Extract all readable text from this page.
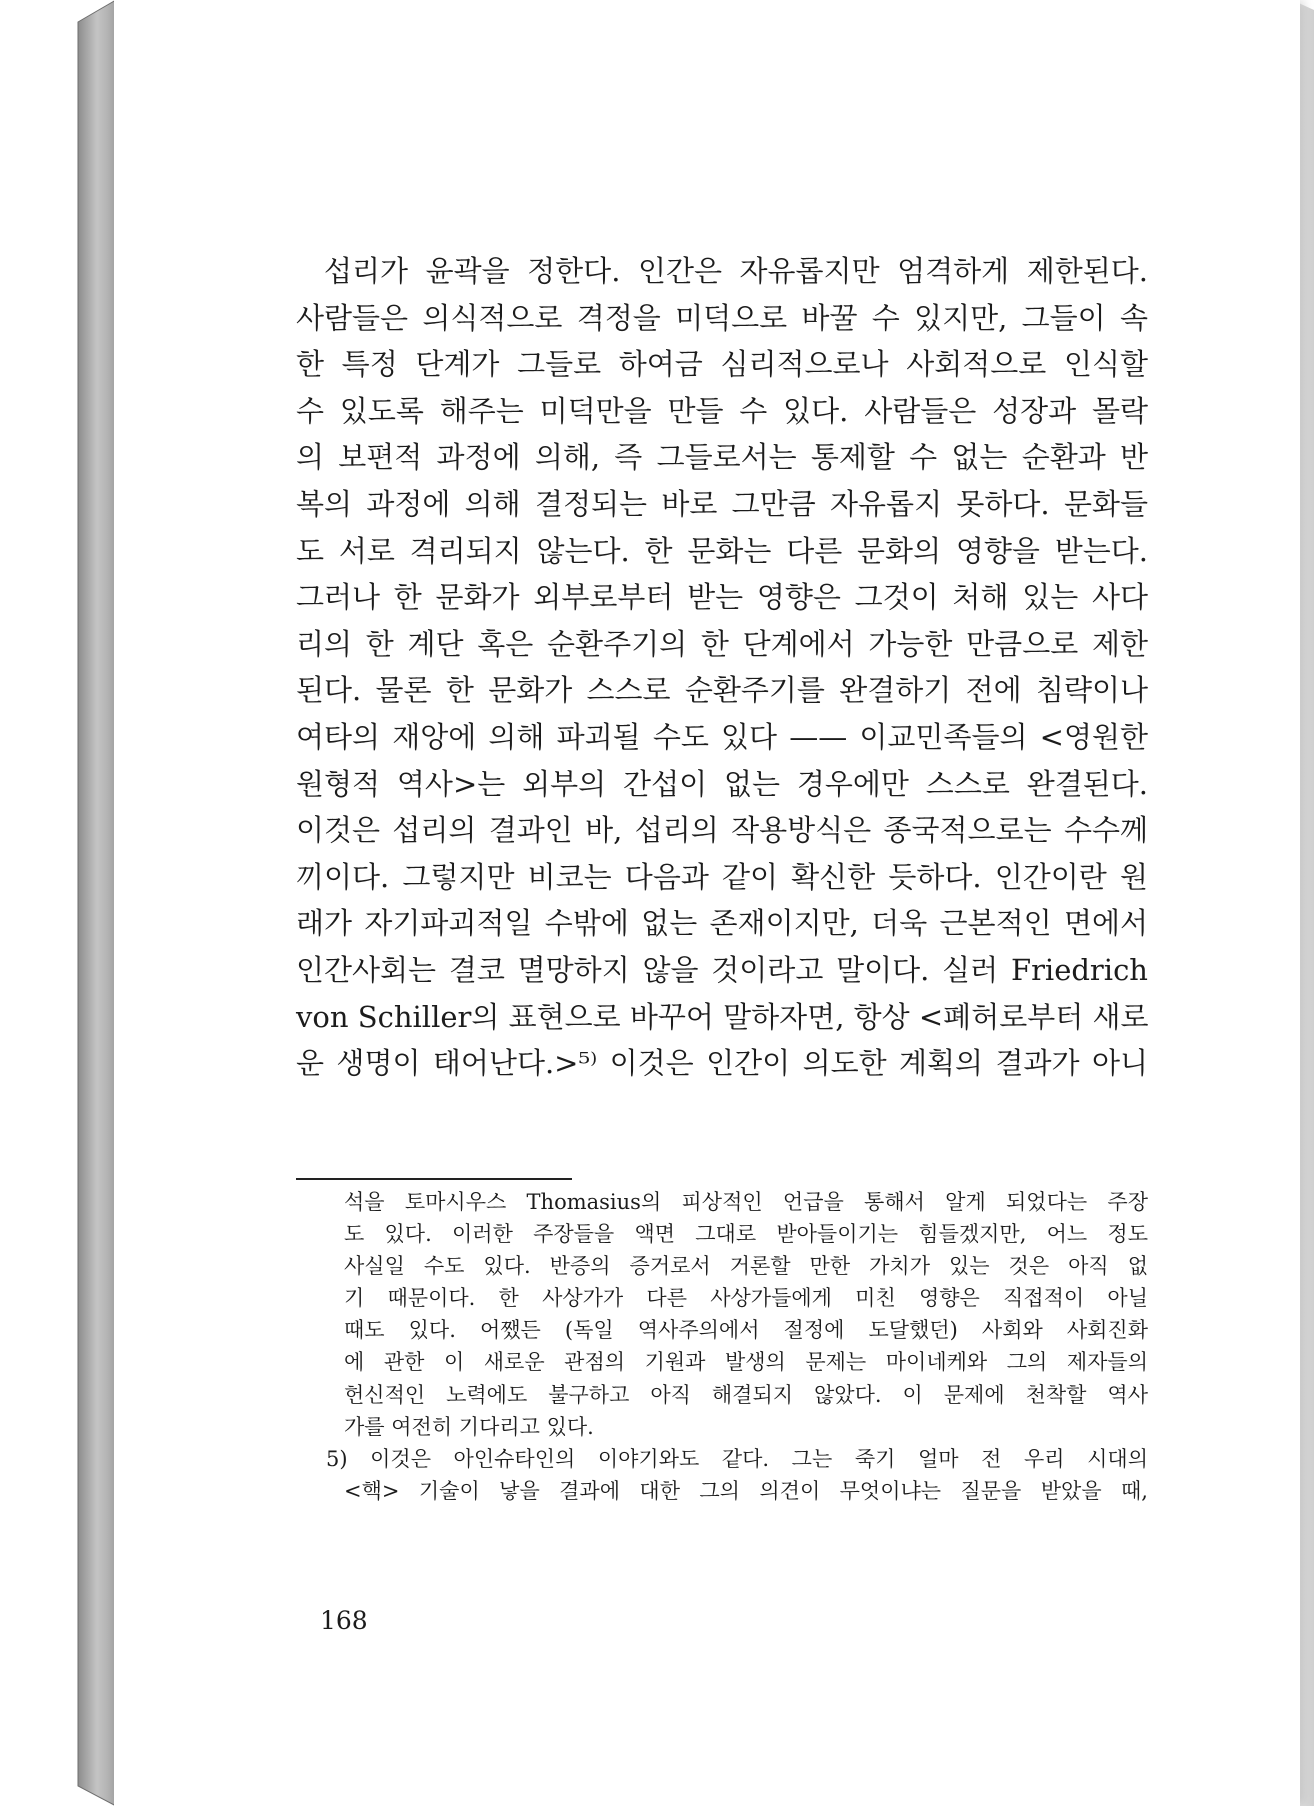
섭리가 윤곽을 정한다. 인간은 자유롭지만 엄격하게 제한된다.
사람들은 의식적으로 격정을 미덕으로 바꿀 수 있지만, 그들이 속
한 특정 단계가 그들로 하여금 심리적으로나 사회적으로 인식할
수 있도록 해주는 미덕만을 만들 수 있다. 사람들은 성장과 몰락
의 보편적 과정에 의해, 즉 그들로서는 통제할 수 없는 순환과 반
복의 과정에 의해 결정되는 바로 그만큼 자유롭지 못하다. 문화들
도 서로 격리되지 않는다. 한 문화는 다른 문화의 영향을 받는다.
그러나 한 문화가 외부로부터 받는 영향은 그것이 처해 있는 사다
리의 한 계단 혹은 순환주기의 한 단계에서 가능한 만큼으로 제한
된다. 물론 한 문화가 스스로 순환주기를 완결하기 전에 침략이나
여타의 재앙에 의해 파괴될 수도 있다 —— 이교민족들의 <영원한
원형적 역사>는 외부의 간섭이 없는 경우에만 스스로 완결된다.
이것은 섭리의 결과인 바, 섭리의 작용방식은 종국적으로는 수수께
끼이다. 그렇지만 비코는 다음과 같이 확신한 듯하다. 인간이란 원
래가 자기파괴적일 수밖에 없는 존재이지만, 더욱 근본적인 면에서
인간사회는 결코 멸망하지 않을 것이라고 말이다. 실러 Friedrich
von Schiller의 표현으로 바꾸어 말하자면, 항상 <폐허로부터 새로
운 생명이 태어난다.>⁵⁾ 이것은 인간이 의도한 계획의 결과가 아니
석을 토마시우스 Thomasius의 피상적인 언급을 통해서 알게 되었다는 주장
도 있다. 이러한 주장들을 액면 그대로 받아들이기는 힘들겠지만, 어느 정도
사실일 수도 있다. 반증의 증거로서 거론할 만한 가치가 있는 것은 아직 없
기 때문이다. 한 사상가가 다른 사상가들에게 미친 영향은 직접적이 아닐
때도 있다. 어쨌든 (독일 역사주의에서 절정에 도달했던) 사회와 사회진화
에 관한 이 새로운 관점의 기원과 발생의 문제는 마이네케와 그의 제자들의
헌신적인 노력에도 불구하고 아직 해결되지 않았다. 이 문제에 천착할 역사
가를 여전히 기다리고 있다.
5) 이것은 아인슈타인의 이야기와도 같다. 그는 죽기 얼마 전 우리 시대의
<핵> 기술이 낳을 결과에 대한 그의 의견이 무엇이냐는 질문을 받았을 때,
168
